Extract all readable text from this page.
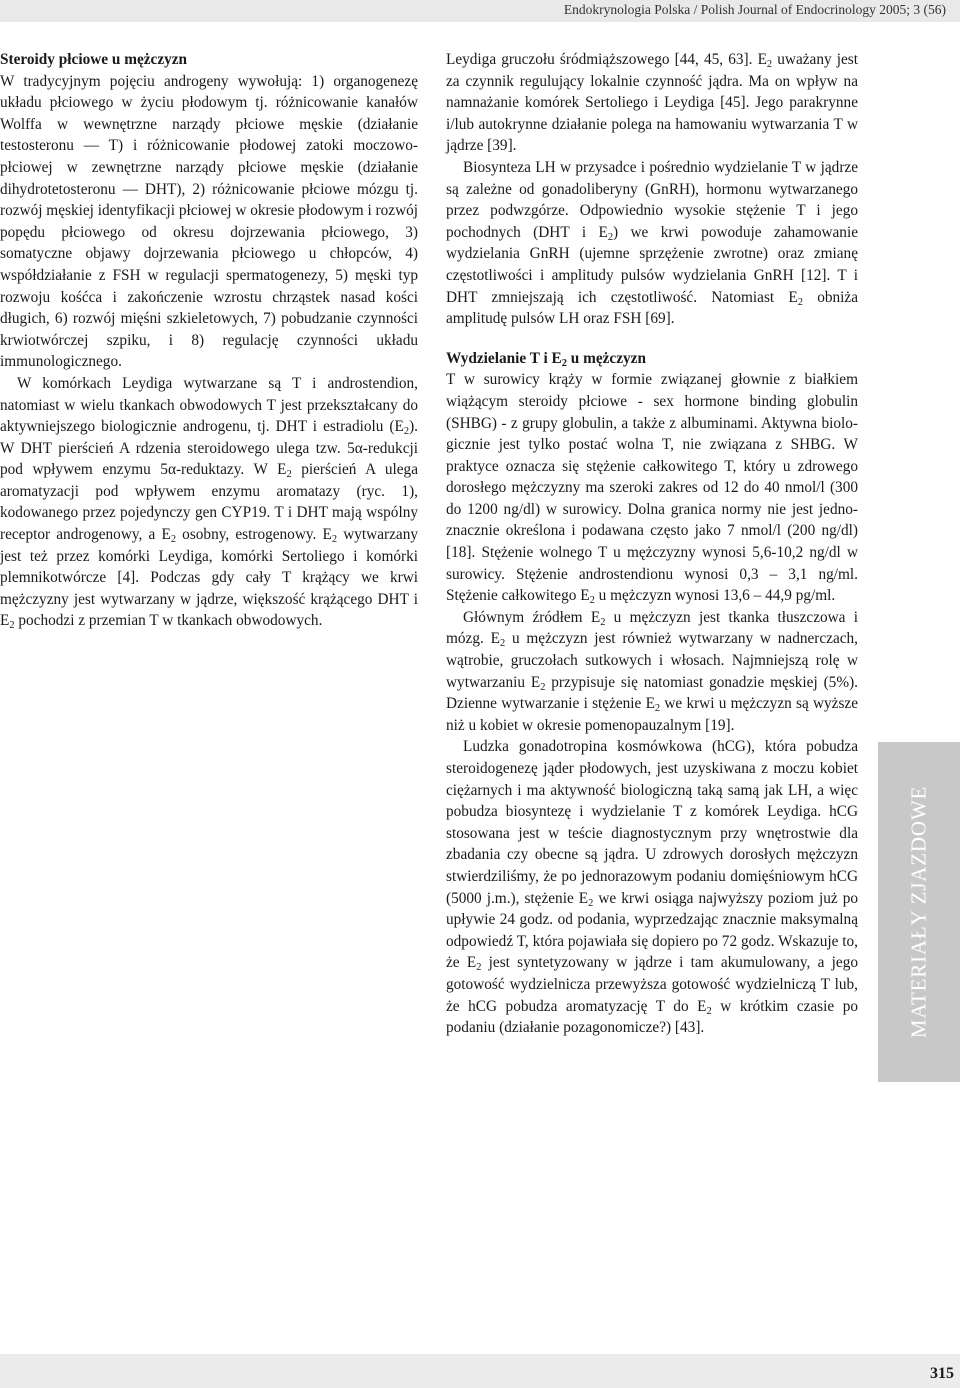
Endokrynologia Polska / Polish Journal of Endocrinology 2005; 3 (56)
Steroidy płciowe u mężczyzn

W tradycyjnym pojęciu androgeny wywołują: 1) organogenezę układu płciowego w życiu płodowym tj. różnicowanie kanałów Wolffa w wewnętrzne narządy płciowe męskie (działanie testosteronu — T) i różnicowanie płodowej zatoki moczowo-płciowej w zewnętrzne narządy płciowe męskie (działanie dihydrotetosteronu — DHT), 2) różnicowanie płciowe mózgu tj. rozwój męskiej identyfikacji płciowej w okresie płodowym i rozwój popędu płciowego od okresu dojrzewania płciowego, 3) somatyczne objawy dojrzewania płciowego u chłopców, 4) współdziałanie z FSH w regulacji spermatogenezy, 5) męski typ rozwoju kośćca i zakończenie wzrostu chrząstek nasad kości długich, 6) rozwój mięśni szkieletowych, 7) pobudzanie czynności krwiotwórczej szpiku, i 8) regulację czynności układu immunologicznego.

W komórkach Leydiga wytwarzane są T i androstendion, natomiast w wielu tkankach obwodowych T jest przekształcany do aktywniejszego biologicznie androgenu, tj. DHT i estradiolu $(E_2)$. W DHT pierścień A rdzenia steroidowego ulega tzw. 5α-redukcji pod wpływem enzymu 5α-reduktazy. W $E_2$ pierścień A ulega aromatyzacji pod wpływem enzymu aromatazy (ryc. 1), kodowanego przez pojedynczy gen CYP19. T i DHT mają wspólny receptor androgenowy, a $E_2$ osobny, estrogenowy. $E_2$ wytwarzany jest też przez komórki Leydiga, komórki Sertoliego i komórki plemnikotwórcze [4]. Podczas gdy cały T krążący we krwi mężczyzny jest wytwarzany w jądrze, większość krążącego DHT i $E_2$ pochodzi z przemian T w tkankach obwodowych.

Leydiga gruczołu śródmiąższowego [44, 45, 63]. $E_2$ uważany jest za czynnik regulujący lokalnie czynność jądra. Ma on wpływ na namnażanie komórek Sertoliego i Leydiga [45]. Jego parakrynne i/lub autokrynne działanie polega na hamowaniu wytwarzania T w jądrze [39].

Biosynteza LH w przysadce i pośrednio wydzielanie T w jądrze są zależne od gonadoliberyny (GnRH), hormonu wytwarzanego przez podwzgórze. Odpowiednio wysokie stężenie T i jego pochodnych (DHT i $E_2$) we krwi powoduje zahamowanie wydzielania GnRH (ujemne sprzężenie zwrotne) oraz zmianę częstotliwości i amplitudy pulsów wydzielania GnRH [12]. T i DHT zmniejszają ich częstotliwość. Natomiast $E_2$ obniża amplitudę pulsów LH oraz FSH [69].

Wydzielanie T i $E_2$ u mężczyzn

T w surowicy krąży w formie związanej głownie z białkiem wiążącym steroidy płciowe - sex hormone binding globulin (SHBG) - z grupy globulin, a także z albuminami. Aktywna biologicznie jest tylko postać wolna T, nie związana z SHBG. W praktyce oznacza się stężenie całkowitego T, który u zdrowego dorosłego mężczyzny ma szeroki zakres od 12 do 40 nmol/l (300 do 1200 ng/dl) w surowicy. Dolna granica normy nie jest jednoznacznie określona i podawana często jako 7 nmol/l (200 ng/dl) [18]. Stężenie wolnego T u mężczyzny wynosi 5,6-10,2 ng/dl w surowicy. Stężenie androstendionu wynosi 0,3 – 3,1 ng/ml. Stężenie całkowitego $E_2$ u mężczyzn wynosi 13,6 – 44,9 pg/ml.

Głównym źródłem $E_2$ u mężczyzn jest tkanka tłuszczowa i mózg. $E_2$ u mężczyzn jest również wytwarzany w nadnerczach, wątrobie, gruczołach sutkowych i włosach. Najmniejszą rolę w wytwarzaniu $E_2$ przypisuje się natomiast gonadzie męskiej (5%). Dzienne wytwarzanie i stężenie $E_2$ we krwi u mężczyzn są wyższe niż u kobiet w okresie pomenopauzalnym [19].

Ludzka gonadotropina kosmówkowa (hCG), która pobudza steroidogenezę jąder płodowych, jest uzyskiwana z moczu kobiet ciężarnych i ma aktywność biologiczną taką samą jak LH, a więc pobudza biosyntezę i wydzielanie T z komórek Leydiga. hCG stosowana jest w teście diagnostycznym przy wnętrostwie dla zbadania czy obecne są jądra. U zdrowych dorosłych mężczyzn stwierdziliśmy, że po jednorazowym podaniu domięśniowym hCG (5000 j.m.), stężenie $E_2$ we krwi osiąga najwyższy poziom już po upływie 24 godz. od podania, wyprzedzając znacznie maksymalną odpowiedź T, która pojawiała się dopiero po 72 godz. Wskazuje to, że $E_2$ jest syntetyzowany w jądrze i tam akumulowany, a jego gotowość wydzielnicza przewyższa gotowość wydzielniczą T lub, że hCG pobudza aromatyzację T do $E_2$ w krótkim czasie po podaniu (działanie pozagonomicze?) [43].	MATERIAŁY ZJAZDOWE
315
